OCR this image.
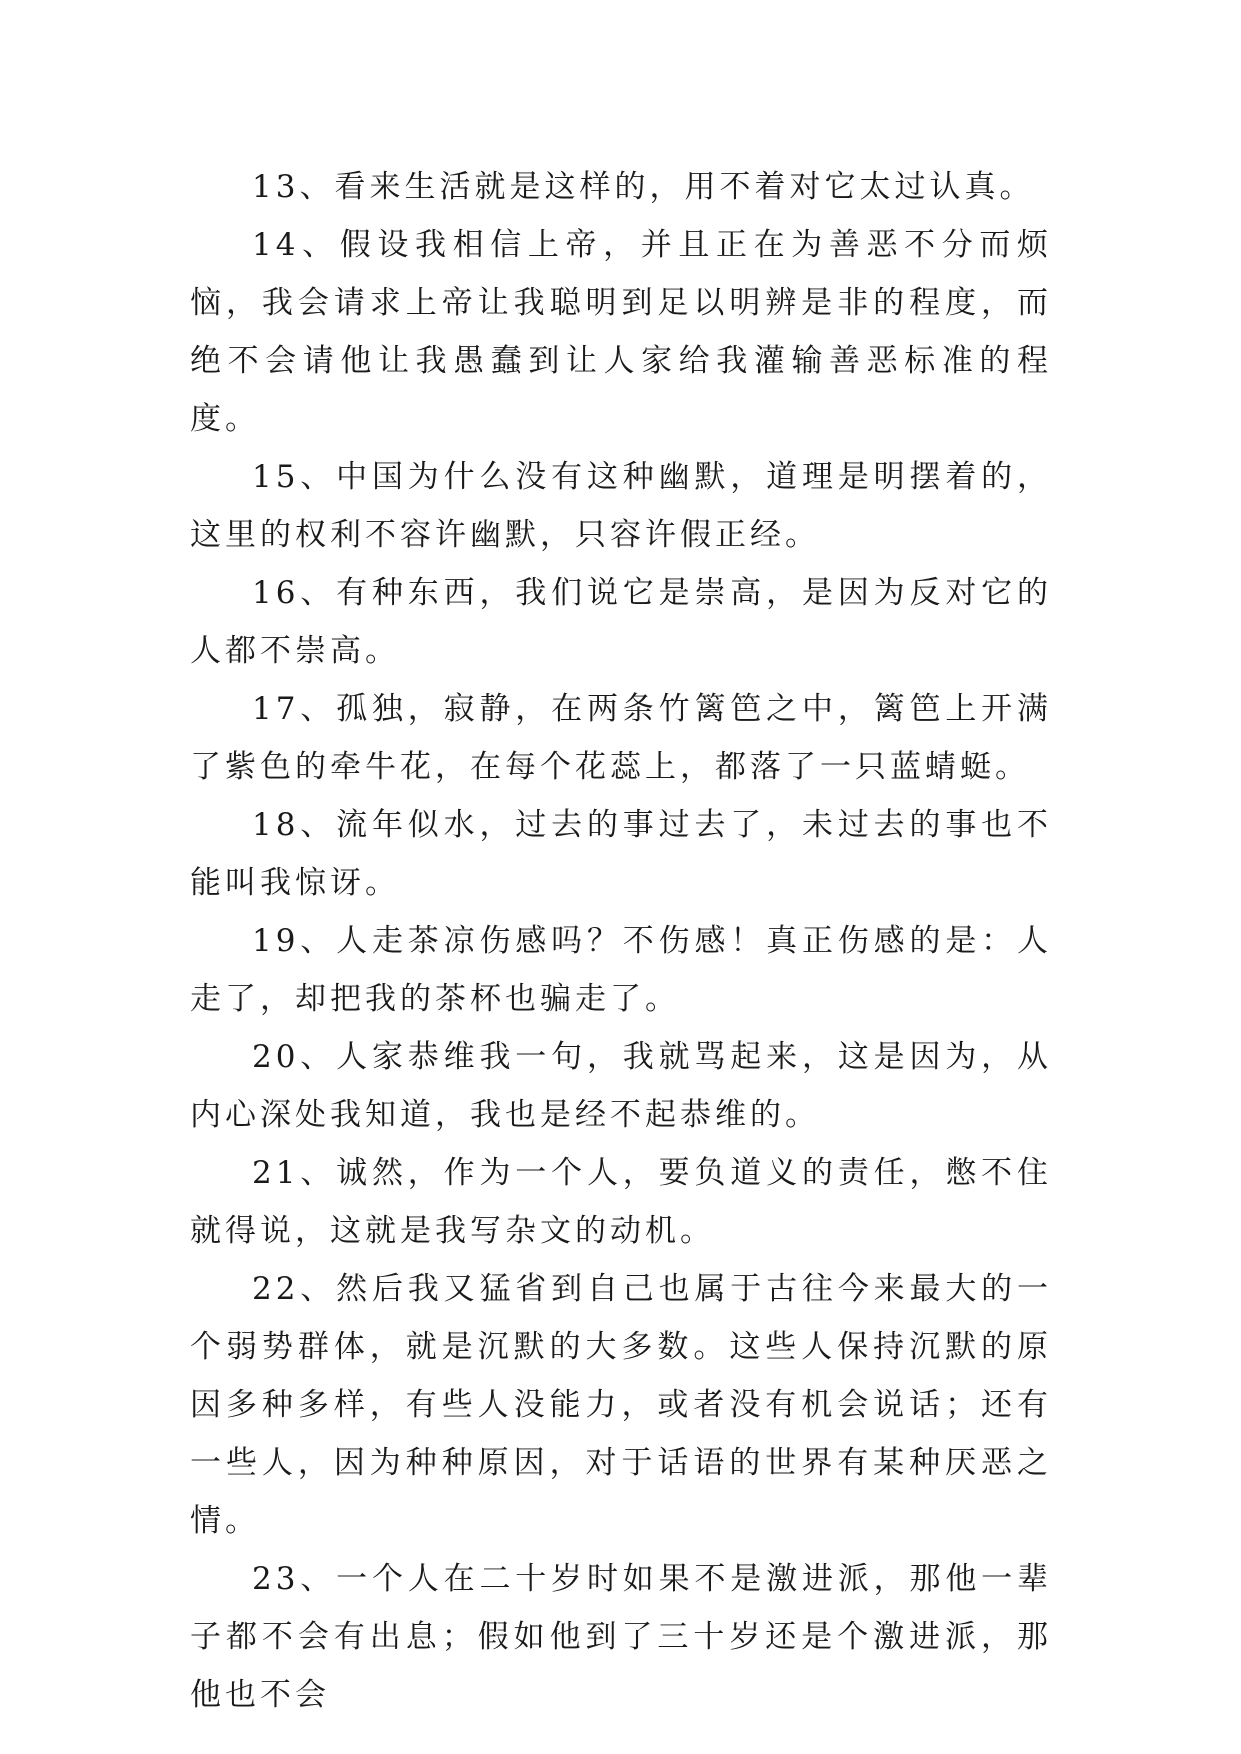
13、看来生活就是这样的，用不着对它太过认真。

14、假设我相信上帝，并且正在为善恶不分而烦恼，我会请求上帝让我聪明到足以明辨是非的程度，而绝不会请他让我愚蠢到让人家给我灌输善恶标准的程度。

15、中国为什么没有这种幽默，道理是明摆着的，这里的权利不容许幽默，只容许假正经。

16、有种东西，我们说它是崇高，是因为反对它的人都不崇高。

17、孤独，寂静，在两条竹篱笆之中，篱笆上开满了紫色的牵牛花，在每个花蕊上，都落了一只蓝蜻蜓。

18、流年似水，过去的事过去了，未过去的事也不能叫我惊讶。

19、人走茶凉伤感吗？不伤感！真正伤感的是：人走了，却把我的茶杯也骗走了。

20、人家恭维我一句，我就骂起来，这是因为，从内心深处我知道，我也是经不起恭维的。

21、诚然，作为一个人，要负道义的责任，憋不住就得说，这就是我写杂文的动机。

22、然后我又猛省到自己也属于古往今来最大的一个弱势群体，就是沉默的大多数。这些人保持沉默的原因多种多样，有些人没能力，或者没有机会说话；还有一些人，因为种种原因，对于话语的世界有某种厌恶之情。

23、一个人在二十岁时如果不是激进派，那他一辈子都不会有出息；假如他到了三十岁还是个激进派，那他也不会
